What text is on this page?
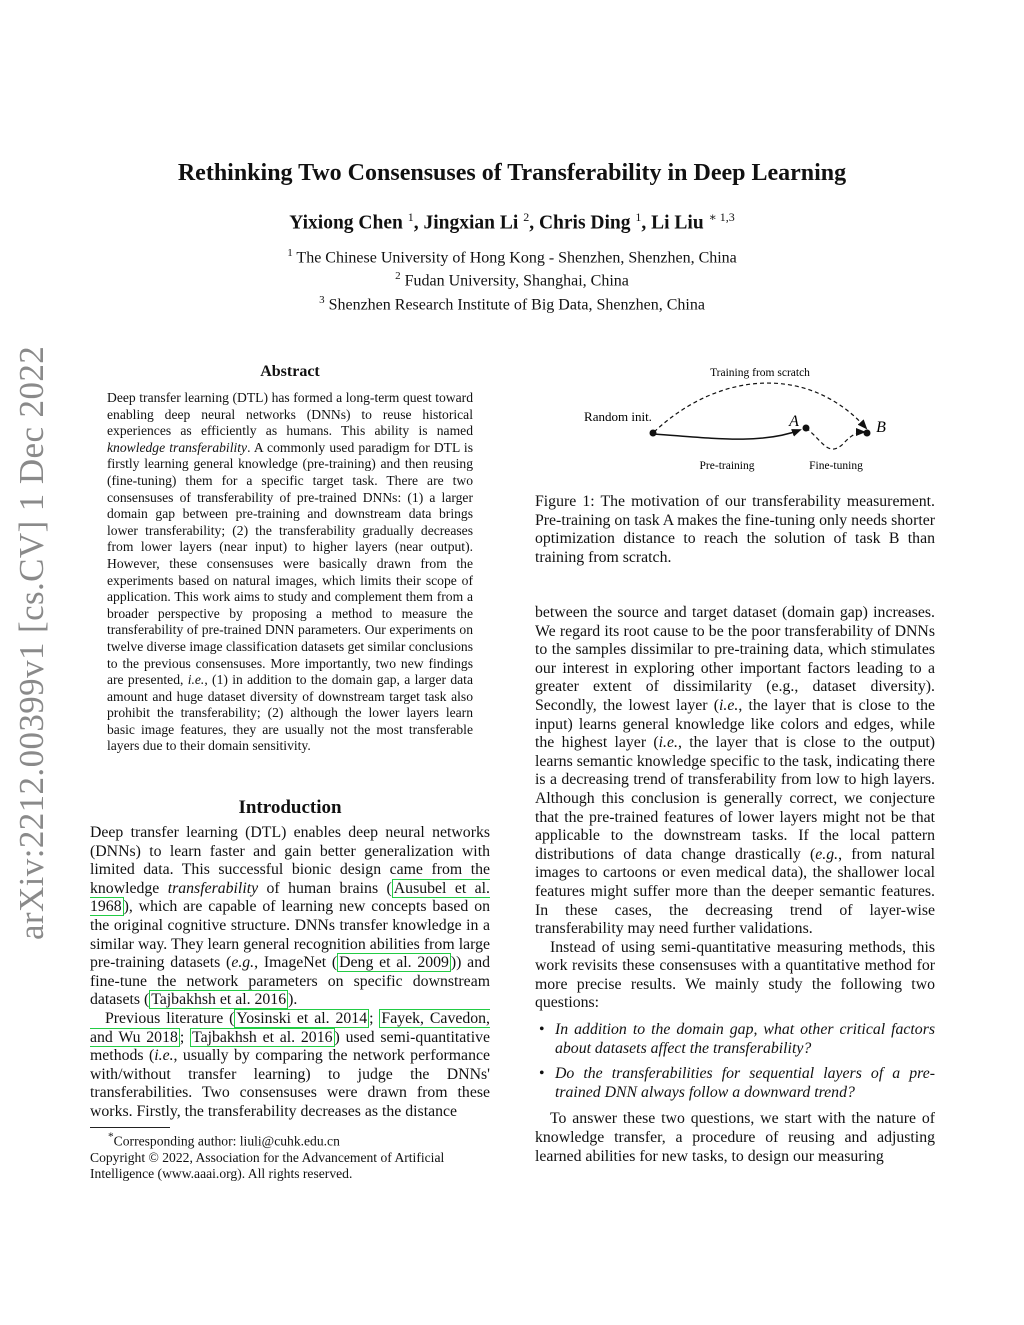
Rethinking Two Consensuses of Transferability in Deep Learning
Yixiong Chen $^1$, Jingxian Li $^2$, Chris Ding $^1$, Li Liu $^{∗ 1,3}$
$^1$ The Chinese University of Hong Kong - Shenzhen, Shenzhen, China
$^2$ Fudan University, Shanghai, China
$^3$ Shenzhen Research Institute of Big Data, Shenzhen, China
arXiv:2212.00399v1 [cs.CV] 1 Dec 2022	Abstract
Deep transfer learning (DTL) has formed a long-term quest toward enabling deep neural networks (DNNs) to reuse historical experiences as efficiently as humans. This ability is named knowledge transferability. A commonly used paradigm for DTL is firstly learning general knowledge (pre-training) and then reusing (fine-tuning) them for a specific target task. There are two consensuses of transferability of pre-trained DNNs: (1) a larger domain gap between pre-training and downstream data brings lower transferability; (2) the transferability gradually decreases from lower layers (near input) to higher layers (near output). However, these consensuses were basically drawn from the experiments based on natural images, which limits their scope of application. This work aims to study and complement them from a broader perspective by proposing a method to measure the transferability of pre-trained DNN parameters. Our experiments on twelve diverse image classification datasets get similar conclusions to the previous consensuses. More importantly, two new findings are presented, i.e., (1) in addition to the domain gap, a larger data amount and huge dataset diversity of downstream target task also prohibit the transferability; (2) although the lower layers learn basic image features, they are usually not the most transferable layers due to their domain sensitivity.
Introduction

Deep transfer learning (DTL) enables deep neural networks (DNNs) to learn faster and gain better generalization with limited data. This successful bionic design came from the knowledge transferability of human brains ( Ausubel et al. 1968 ), which are capable of learning new concepts based on the original cognitive structure. DNNs transfer knowledge in a similar way. They learn general recognition abilities from large pre-training datasets (e.g., ImageNet ( Deng et al. 2009 )) and fine-tune the network parameters on specific downstream datasets ( Tajbakhsh et al. 2016 ).

Previous literature ( Yosinski et al. 2014 ; Fayek, Cavedon, and Wu 2018 ; Tajbakhsh et al. 2016 ) used semi-quantitative methods (i.e., usually by comparing the network performance with/without transfer learning) to judge the DNNs' transferabilities. Two consensuses were drawn from these works. Firstly, the transferability decreases as the distance

*Corresponding author: liuli@cuhk.edu.cn
Copyright © 2022, Association for the Advancement of Artificial Intelligence (www.aaai.org). All rights reserved.
Training from scratch
Random init.	A	B
Pre-training	Fine-tuning
Figure 1: The motivation of our transferability measurement. Pre-training on task A makes the fine-tuning only needs shorter optimization distance to reach the solution of task B than training from scratch.

between the source and target dataset (domain gap) increases. We regard its root cause to be the poor transferability of DNNs to the samples dissimilar to pre-training data, which stimulates our interest in exploring other important factors leading to a greater extent of dissimilarity (e.g., dataset diversity). Secondly, the lowest layer (i.e., the layer that is close to the input) learns general knowledge like colors and edges, while the highest layer (i.e., the layer that is close to the output) learns semantic knowledge specific to the task, indicating there is a decreasing trend of transferability from low to high layers. Although this conclusion is generally correct, we conjecture that the pre-trained features of lower layers might not be that applicable to the downstream tasks. If the local pattern distributions of data change drastically (e.g., from natural images to cartoons or even medical data), the shallower local features might suffer more than the deeper semantic features. In these cases, the decreasing trend of layer-wise transferability may need further validations.

Instead of using semi-quantitative measuring methods, this work revisits these consensuses with a quantitative method for more precise results. We mainly study the following two questions:

• In addition to the domain gap, what other critical factors about datasets affect the transferability?
• Do the transferabilities for sequential layers of a pre-trained DNN always follow a downward trend?

To answer these two questions, we start with the nature of knowledge transfer, a procedure of reusing and adjusting learned abilities for new tasks, to design our measuring
